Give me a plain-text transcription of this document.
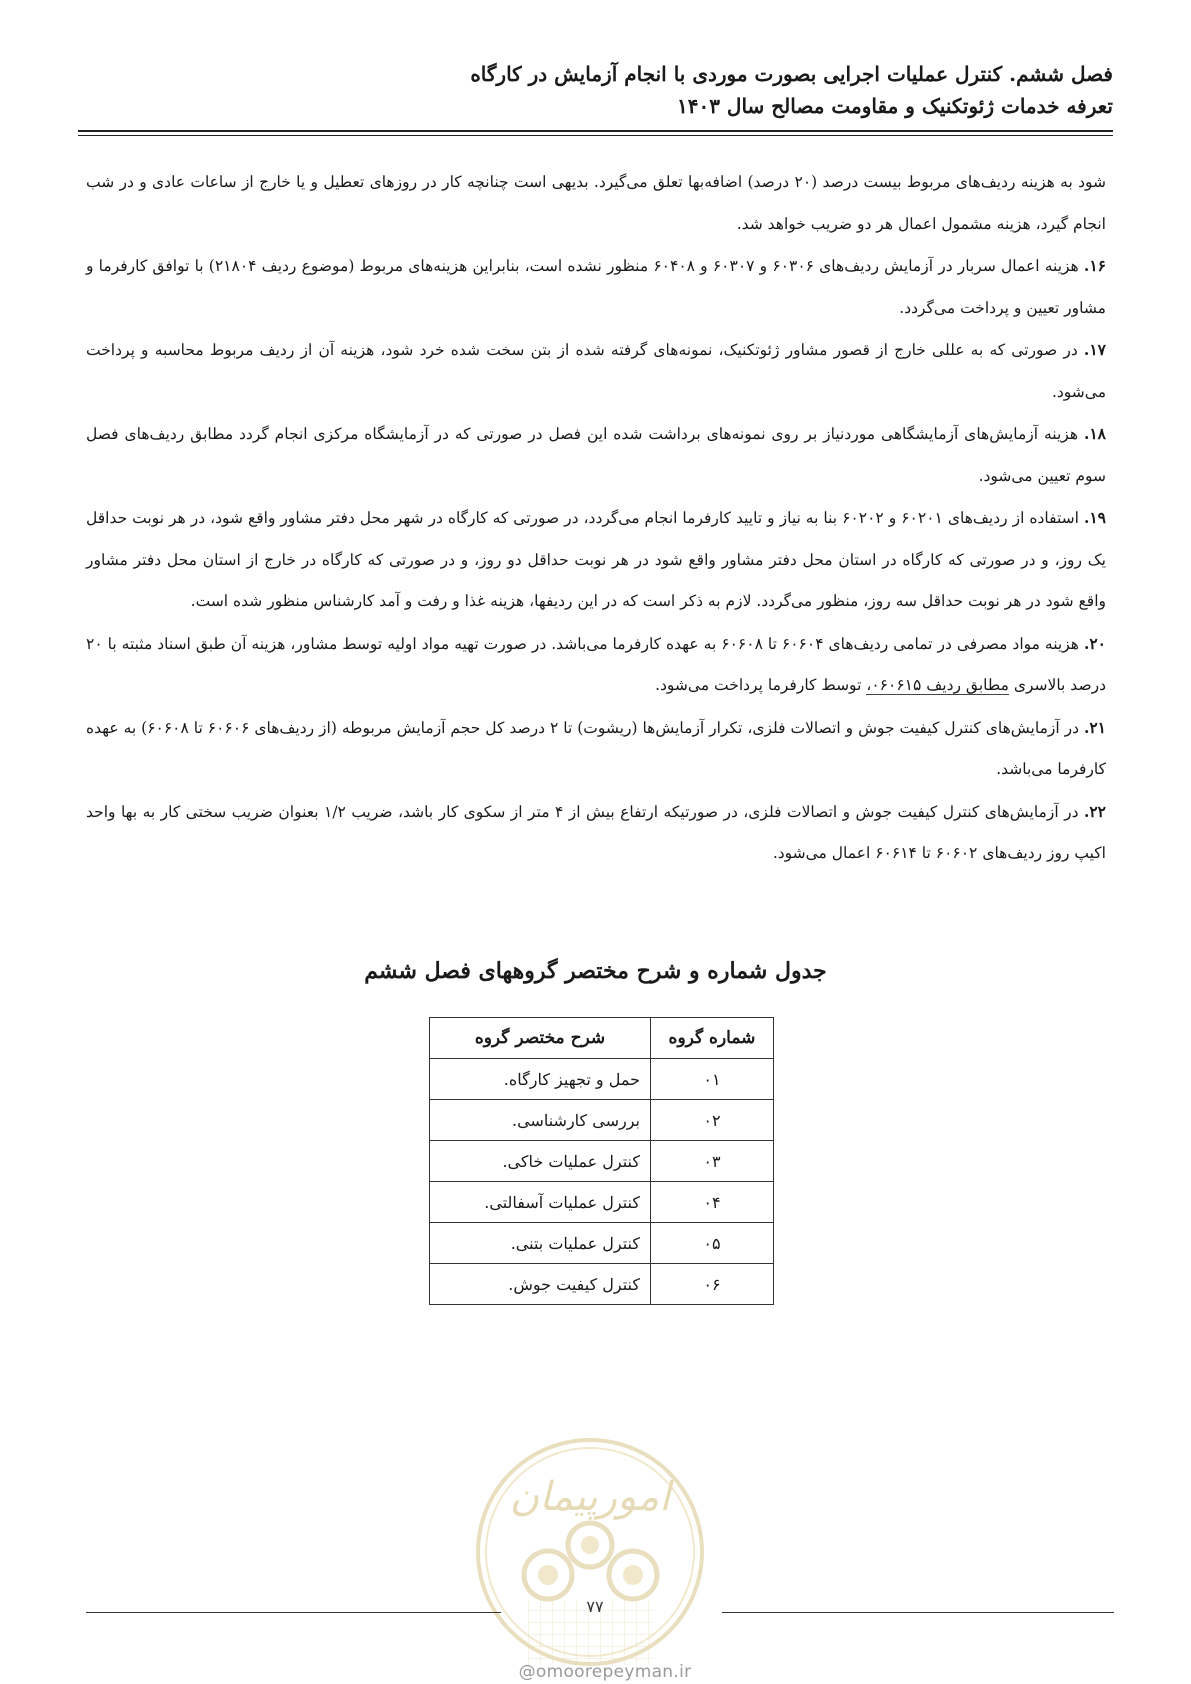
فصل ششم. کنترل عملیات اجرایی بصورت موردی با انجام آزمایش در کارگاه
تعرفه خدمات ژئوتکنیک و مقاومت مصالح سال ۱۴۰۳

شود به هزینه ردیف‌های مربوط بیست درصد (۲۰ درصد) اضافه‌بها تعلق می‌گیرد. بدیهی است چنانچه کار در روزهای تعطیل و یا خارج از ساعات عادی و در شب انجام گیرد، هزینه مشمول اعمال هر دو ضریب خواهد شد.

۱۶. هزینه اعمال سربار در آزمایش ردیف‌های ۶۰۳۰۶ و ۶۰۳۰۷ و ۶۰۴۰۸ منظور نشده است، بنابراین هزینه‌های مربوط (موضوع ردیف ۲۱۸۰۴) با توافق کارفرما و مشاور تعیین و پرداخت می‌گردد.

۱۷. در صورتی که به عللی خارج از قصور مشاور ژئوتکنیک، نمونه‌های گرفته شده از بتن سخت شده خرد شود، هزینه آن از ردیف مربوط محاسبه و پرداخت می‌شود.

۱۸. هزینه آزمایش‌های آزمایشگاهی موردنیاز بر روی نمونه‌های برداشت شده این فصل در صورتی که در آزمایشگاه مرکزی انجام گردد مطابق ردیف‌های فصل سوم تعیین می‌شود.

۱۹. استفاده از ردیف‌های ۶۰۲۰۱ و ۶۰۲۰۲ بنا به نیاز و تایید کارفرما انجام می‌گردد، در صورتی که کارگاه در شهر محل دفتر مشاور واقع شود، در هر نوبت حداقل یک روز، و در صورتی که کارگاه در استان محل دفتر مشاور واقع شود در هر نوبت حداقل دو روز، و در صورتی که کارگاه در خارج از استان محل دفتر مشاور واقع شود در هر نوبت حداقل سه روز، منظور می‌گردد. لازم به ذکر است که در این ردیفها، هزینه غذا و رفت و آمد کارشناس منظور شده است.

۲۰. هزینه مواد مصرفی در تمامی ردیف‌های ۶۰۶۰۴ تا ۶۰۶۰۸ به عهده کارفرما می‌باشد. در صورت تهیه مواد اولیه توسط مشاور، هزینه آن طبق اسناد مثبته با ۲۰ درصد بالاسری مطابق ردیف ۰۶۰۶۱۵، توسط کارفرما پرداخت می‌شود.

۲۱. در آزمایش‌های کنترل کیفیت جوش و اتصالات فلزی، تکرار آزمایش‌ها (ریشوت) تا ۲ درصد کل حجم آزمایش مربوطه (از ردیف‌های ۶۰۶۰۶ تا ۶۰۶۰۸) به عهده کارفرما می‌باشد.

۲۲. در آزمایش‌های کنترل کیفیت جوش و اتصالات فلزی، در صورتیکه ارتفاع بیش از ۴ متر از سکوی کار باشد، ضریب ۱/۲ بعنوان ضریب سختی کار به بها واحد اکیپ روز ردیف‌های ۶۰۶۰۲ تا ۶۰۶۱۴ اعمال می‌شود.

جدول شماره و شرح مختصر گروههای فصل ششم
شماره گروه	شرح مختصر گروه
۰۱	حمل و تجهیز کارگاه.
۰۲	بررسی کارشناسی.
۰۳	کنترل عملیات خاکی.
۰۴	کنترل عملیات آسفالتی.
۰۵	کنترل عملیات بتنی.
۰۶	کنترل کیفیت جوش.
امورپیمان
۷۷
@omoorepeyman.ir
